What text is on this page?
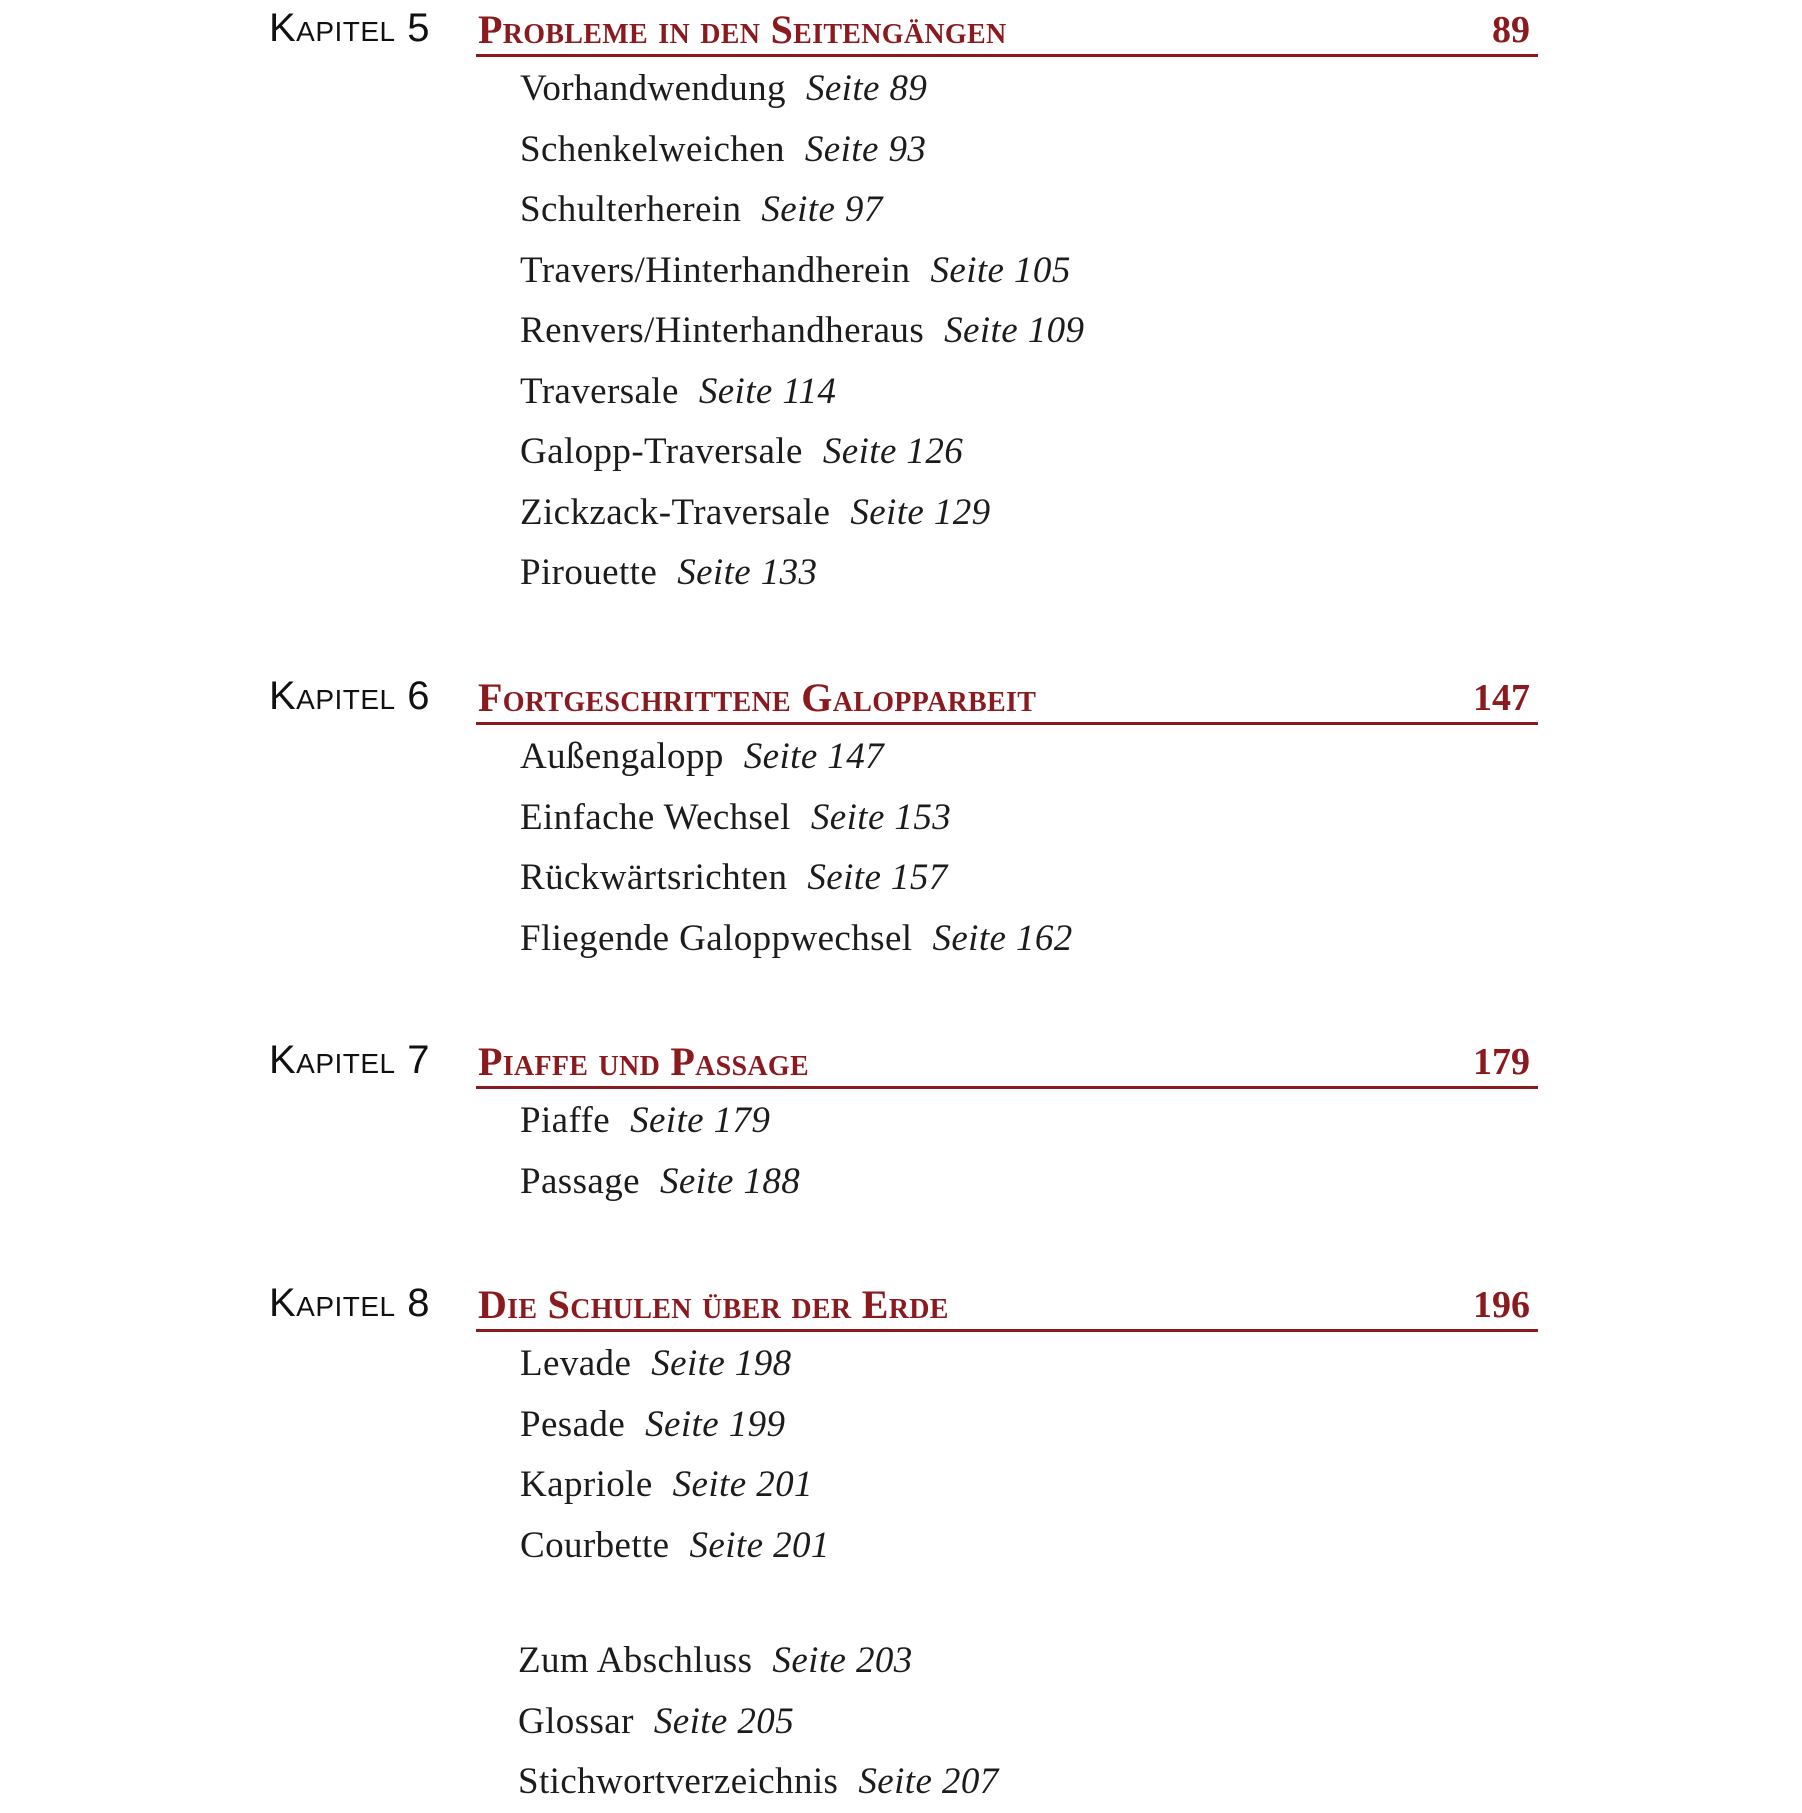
Kapitel 5 Probleme in den Seitengängen	89
Vorhandwendung Seite 89
Schenkelweichen Seite 93
Schulterherein Seite 97
Travers/Hinterhandherein Seite 105
Renvers/Hinterhandheraus Seite 109
Traversale Seite 114
Galopp-Traversale Seite 126
Zickzack-Traversale Seite 129
Pirouette Seite 133
Kapitel 6 Fortgeschrittene Galopparbeit	147
Außengalopp Seite 147
Einfache Wechsel Seite 153
Rückwärtsrichten Seite 157
Fliegende Galoppwechsel Seite 162
Kapitel 7 Piaffe und Passage	179
Piaffe Seite 179
Passage Seite 188
Kapitel 8 Die Schulen über der Erde	196
Levade Seite 198
Pesade Seite 199
Kapriole Seite 201
Courbette Seite 201
Zum Abschluss Seite 203
Glossar Seite 205
Stichwortverzeichnis Seite 207
